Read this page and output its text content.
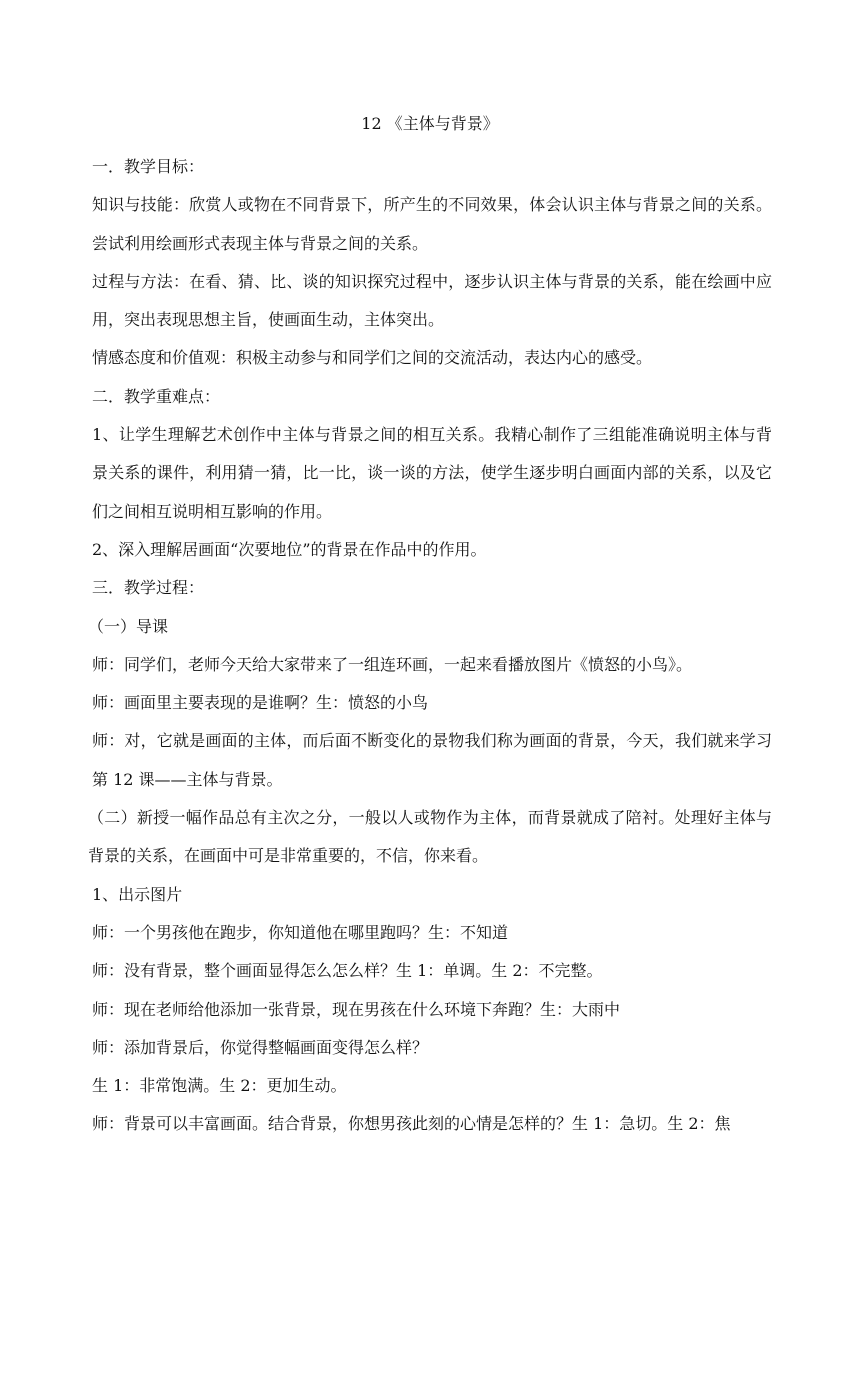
12 《主体与背景》

一．教学目标：

知识与技能：欣赏人或物在不同背景下，所产生的不同效果，体会认识主体与背景之间的关系。尝试利用绘画形式表现主体与背景之间的关系。

过程与方法：在看、猜、比、谈的知识探究过程中，逐步认识主体与背景的关系，能在绘画中应用，突出表现思想主旨，使画面生动，主体突出。

情感态度和价值观：积极主动参与和同学们之间的交流活动，表达内心的感受。

二．教学重难点：

1、让学生理解艺术创作中主体与背景之间的相互关系。我精心制作了三组能准确说明主体与背景关系的课件，利用猜一猜，比一比，谈一谈的方法，使学生逐步明白画面内部的关系，以及它们之间相互说明相互影响的作用。

2、深入理解居画面“次要地位”的背景在作品中的作用。

三．教学过程：

（一）导课

师：同学们，老师今天给大家带来了一组连环画，一起来看播放图片《愤怒的小鸟》。

师：画面里主要表现的是谁啊？生：愤怒的小鸟

师：对，它就是画面的主体，而后面不断变化的景物我们称为画面的背景，今天，我们就来学习第 12 课——主体与背景。

（二）新授一幅作品总有主次之分，一般以人或物作为主体，而背景就成了陪衬。处理好主体与背景的关系，在画面中可是非常重要的，不信，你来看。

1、出示图片

师：一个男孩他在跑步，你知道他在哪里跑吗？生：不知道

师：没有背景，整个画面显得怎么怎么样？生 1：单调。生 2：不完整。

师：现在老师给他添加一张背景，现在男孩在什么环境下奔跑？生：大雨中

师：添加背景后，你觉得整幅画面变得怎么样？

生 1：非常饱满。生 2：更加生动。

师：背景可以丰富画面。结合背景，你想男孩此刻的心情是怎样的？生 1：急切。生 2：焦
